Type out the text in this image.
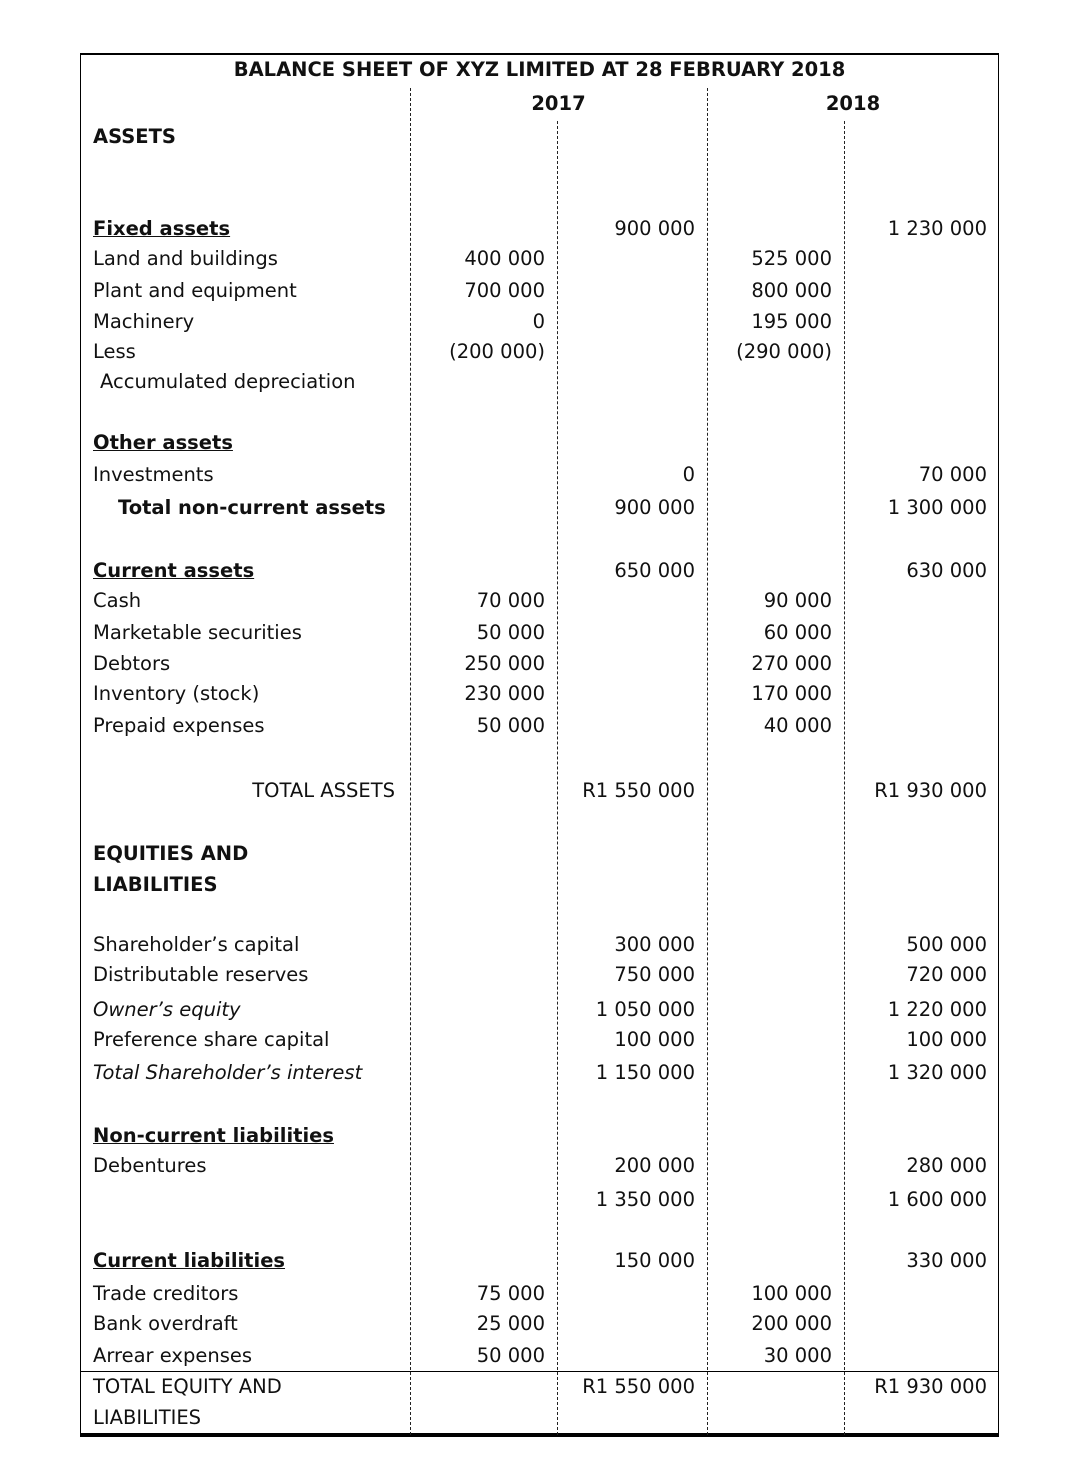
BALANCE SHEET OF XYZ LIMITED AT 28 FEBRUARY 2018
2017	2018
ASSETS
Fixed assets	900 000	1 230 000
Land and buildings	400 000	525 000
Plant and equipment	700 000	800 000
Machinery	0	195 000
Less	(200 000)	(290 000)
Accumulated depreciation
Other assets
Investments	0	70 000
Total non-current assets	900 000	1 300 000
Current assets	650 000	630 000
Cash	70 000	90 000
Marketable securities	50 000	60 000
Debtors	250 000	270 000
Inventory (stock)	230 000	170 000
Prepaid expenses	50 000	40 000
TOTAL ASSETS	R1 550 000	R1 930 000
EQUITIES AND
LIABILITIES
Shareholder’s capital	300 000	500 000
Distributable reserves	750 000	720 000
Owner’s equity	1 050 000	1 220 000
Preference share capital	100 000	100 000
Total Shareholder’s interest	1 150 000	1 320 000
Non-current liabilities
Debentures	200 000	280 000
1 350 000	1 600 000
Current liabilities	150 000	330 000
Trade creditors	75 000	100 000
Bank overdraft	25 000	200 000
Arrear expenses	50 000	30 000
TOTAL EQUITY AND	R1 550 000	R1 930 000
LIABILITIES
